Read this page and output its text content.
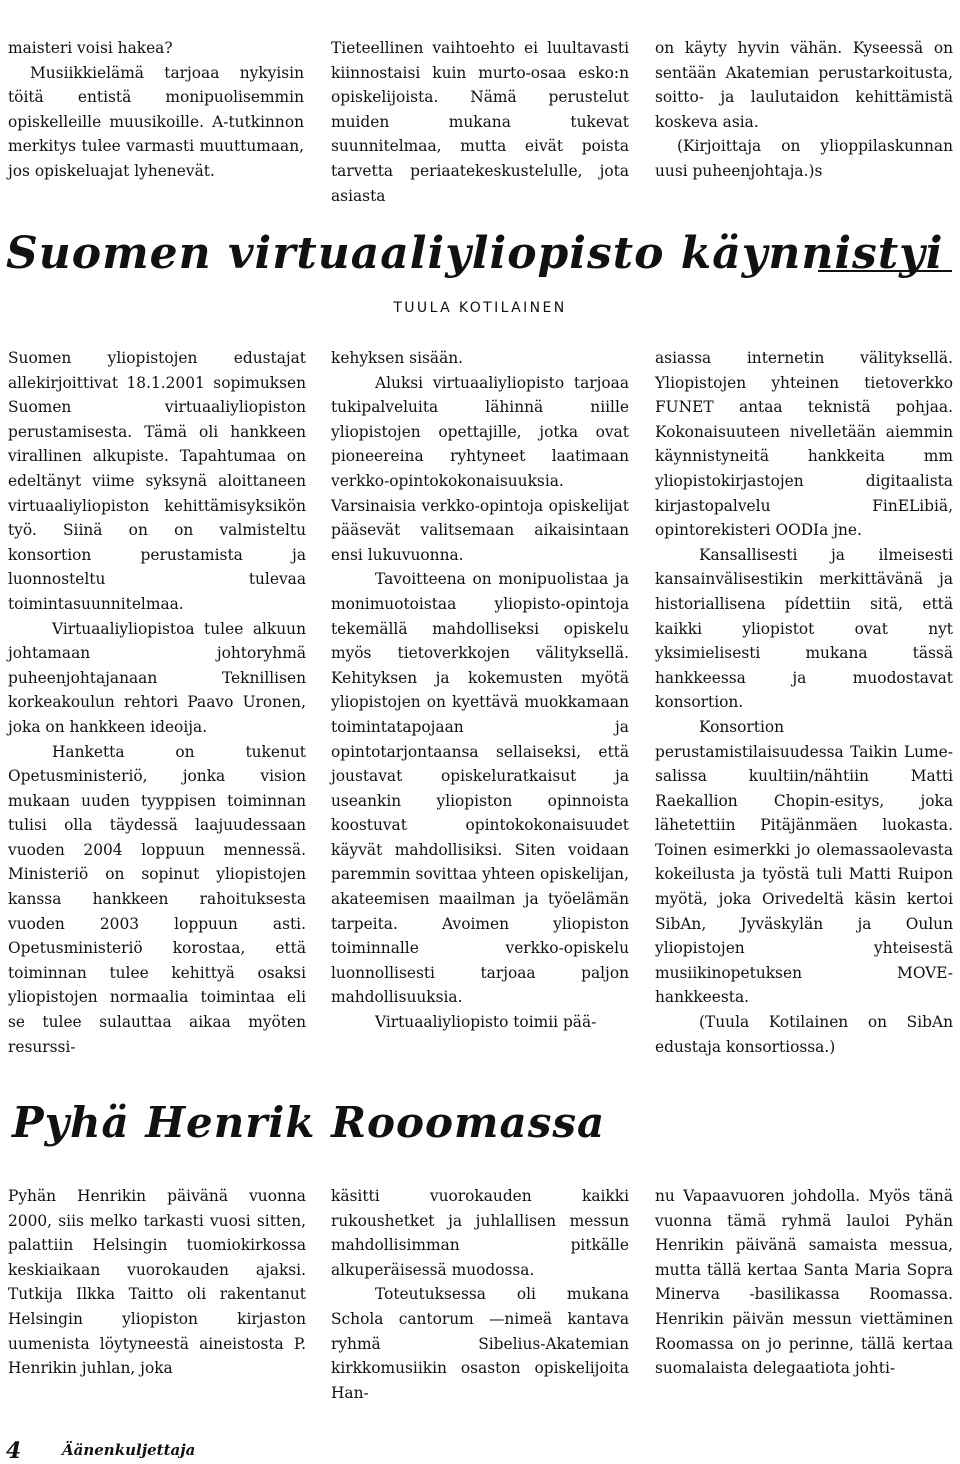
maisteri voisi hakea?

Musiikkielämä tarjoaa nykyisin töitä entistä monipuolisemmin opiskelleille muusikoille. A-tutkinnon merkitys tulee varmasti muuttumaan, jos opiskeluajat lyhenevät.

Tieteellinen vaihtoehto ei luultavasti kiinnostaisi kuin murto-osaa esko:n opiskelijoista. Nämä perustelut muiden mukana tukevat suunnitelmaa, mutta eivät poista tarvetta periaatekeskustelulle, jota asiasta

on käyty hyvin vähän. Kyseessä on sentään Akatemian perustarkoitusta, soitto- ja laulutaidon kehittämistä koskeva asia.

(Kirjoittaja on ylioppilaskunnan uusi puheenjohtaja.)s

Suomen virtuaaliyliopisto käynnistyi
TUULA KOTILAINEN

Suomen yliopistojen edustajat allekirjoittivat 18.1.2001 sopimuksen Suomen virtuaaliyliopiston perustamisesta. Tämä oli hankkeen virallinen alkupiste. Tapahtumaa on edeltänyt viime syksynä aloittaneen virtuaaliyliopiston kehittämisyksikön työ. Siinä on on valmisteltu konsortion perustamista ja luonnosteltu tulevaa toimintasuunnitelmaa.

Virtuaaliyliopistoa tulee alkuun johtamaan johtoryhmä puheenjohtajanaan Teknillisen korkeakoulun rehtori Paavo Uronen, joka on hankkeen ideoija.

Hanketta on tukenut Opetusministeriö, jonka vision mukaan uuden tyyppisen toiminnan tulisi olla täydessä laajuudessaan vuoden 2004 loppuun mennessä. Ministeriö on sopinut yliopistojen kanssa hankkeen rahoituksesta vuoden 2003 loppuun asti. Opetusministeriö korostaa, että toiminnan tulee kehittyä osaksi yliopistojen normaalia toimintaa eli se tulee sulauttaa aikaa myöten resurssi-

kehyksen sisään.

Aluksi virtuaaliyliopisto tarjoaa tukipalveluita lähinnä niille yliopistojen opettajille, jotka ovat pioneereina ryhtyneet laatimaan verkko-opintokokonaisuuksia. Varsinaisia verkko-opintoja opiskelijat pääsevät valitsemaan aikaisintaan ensi lukuvuonna.

Tavoitteena on monipuolistaa ja monimuotoistaa yliopisto-opintoja tekemällä mahdolliseksi opiskelu myös tietoverkkojen välityksellä. Kehityksen ja kokemusten myötä yliopistojen on kyettävä muokkamaan toimintatapojaan ja opintotarjontaansa sellaiseksi, että joustavat opiskeluratkaisut ja useankin yliopiston opinnoista koostuvat opintokokonaisuudet käyvät mahdollisiksi. Siten voidaan paremmin sovittaa yhteen opiskelijan, akateemisen maailman ja työelämän tarpeita. Avoimen yliopiston toiminnalle verkko-opiskelu luonnollisesti tarjoaa paljon mahdollisuuksia.

Virtuaaliyliopisto toimii pää-

asiassa internetin välityksellä. Yliopistojen yhteinen tietoverkko FUNET antaa teknistä pohjaa. Kokonaisuuteen nivelletään aiemmin käynnistyneitä hankkeita mm yliopistokirjastojen digitaalista kirjastopalvelu FinELibiä, opintorekisteri OODIa jne.

Kansallisesti ja ilmeisesti kansainvälisestikin merkittävänä ja historiallisena pídettiin sitä, että kaikki yliopistot ovat nyt yksimielisesti mukana tässä hankkeessa ja muodostavat konsortion.

Konsortion perustamistilaisuudessa Taikin Lume-salissa kuultiin/nähtiin Matti Raekallion Chopin-esitys, joka lähetettiin Pitäjänmäen luokasta. Toinen esimerkki jo olemassaolevasta kokeilusta ja työstä tuli Matti Ruipon myötä, joka Orivedeltä käsin kertoi SibAn, Jyväskylän ja Oulun yliopistojen yhteisestä musiikinopetuksen MOVE-hankkeesta.

(Tuula Kotilainen on SibAn edustaja konsortiossa.)

Pyhä Henrik Rooomassa

Pyhän Henrikin päivänä vuonna 2000, siis melko tarkasti vuosi sitten, palattiin Helsingin tuomiokirkossa keskiaikaan vuorokauden ajaksi. Tutkija Ilkka Taitto oli rakentanut Helsingin yliopiston kirjaston uumenista löytyneestä aineistosta P. Henrikin juhlan, joka

käsitti vuorokauden kaikki rukoushetket ja juhlallisen messun mahdollisimman pitkälle alkuperäisessä muodossa.

Toteutuksessa oli mukana Schola cantorum —nimeä kantava ryhmä Sibelius-Akatemian kirkkomusiikin osaston opiskelijoita Han-

nu Vapaavuoren johdolla. Myös tänä vuonna tämä ryhmä lauloi Pyhän Henrikin päivänä samaista messua, mutta tällä kertaa Santa Maria Sopra Minerva -basilikassa Roomassa. Henrikin päivän messun viettäminen Roomassa on jo perinne, tällä kertaa suomalaista delegaatiota johti-

4	Äänenkuljettaja
